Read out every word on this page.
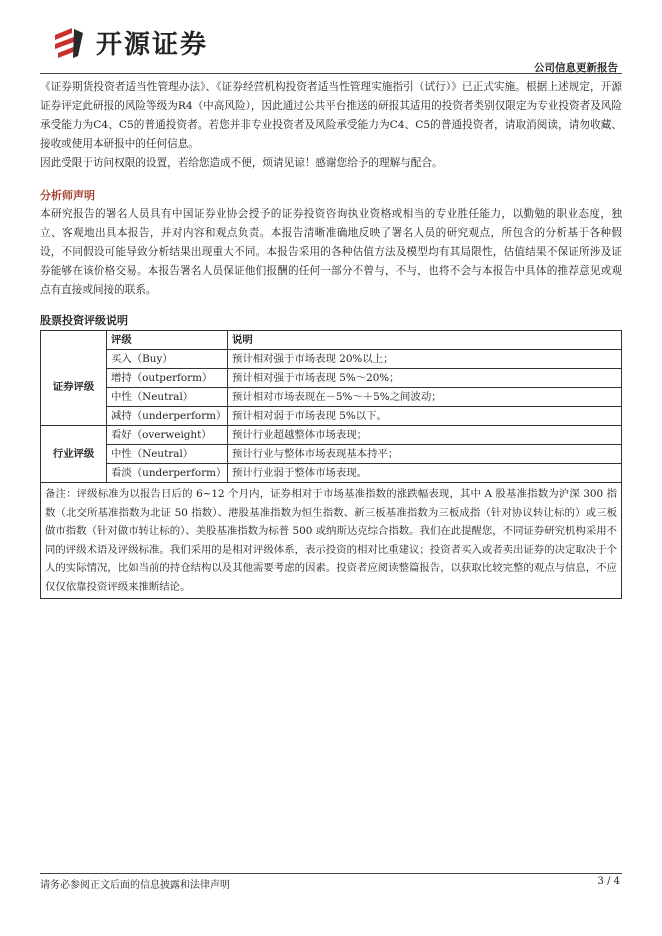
开源证券
公司信息更新报告

《证券期货投资者适当性管理办法》、《证券经营机构投资者适当性管理实施指引（试行）》已正式实施。根据上述规定，开源证券评定此研报的风险等级为R4（中高风险），因此通过公共平台推送的研报其适用的投资者类别仅限定为专业投资者及风险承受能力为C4、C5的普通投资者。若您并非专业投资者及风险承受能力为C4、C5的普通投资者，请取消阅读，请勿收藏、接收或使用本研报中的任何信息。

因此受限于访问权限的设置，若给您造成不便，烦请见谅！感谢您给予的理解与配合。

分析师声明

本研究报告的署名人员具有中国证券业协会授予的证券投资咨询执业资格或相当的专业胜任能力，以勤勉的职业态度，独立、客观地出具本报告，并对内容和观点负责。本报告清晰准确地反映了署名人员的研究观点，所包含的分析基于各种假设，不同假设可能导致分析结果出现重大不同。本报告采用的各种估值方法及模型均有其局限性，估值结果不保证所涉及证券能够在该价格交易。本报告署名人员保证他们报酬的任何一部分不曾与，不与，也将不会与本报告中具体的推荐意见或观点有直接或间接的联系。

股票投资评级说明

	评级	说明
证券评级	买入（Buy）	预计相对强于市场表现 20%以上；
	增持（outperform）	预计相对强于市场表现 5%～20%；
	中性（Neutral）	预计相对市场表现在－5%～＋5%之间波动；
	减持（underperform）	预计相对弱于市场表现 5%以下。
行业评级	看好（overweight）	预计行业超越整体市场表现；
	中性（Neutral）	预计行业与整体市场表现基本持平；
	看淡（underperform）	预计行业弱于整体市场表现。
备注：评级标准为以报告日后的 6~12 个月内，证券相对于市场基准指数的涨跌幅表现，其中 A 股基准指数为沪深 300 指数（北交所基准指数为北证 50 指数）、港股基准指数为恒生指数、新三板基准指数为三板成指（针对协议转让标的）或三板做市指数（针对做市转让标的）、美股基准指数为标普 500 或纳斯达克综合指数。我们在此提醒您，不同证券研究机构采用不同的评级术语及评级标准。我们采用的是相对评级体系，表示投资的相对比重建议；投资者买入或者卖出证券的决定取决于个人的实际情况，比如当前的持仓结构以及其他需要考虑的因素。投资者应阅读整篇报告，以获取比较完整的观点与信息，不应仅仅依靠投资评级来推断结论。		
请务必参阅正文后面的信息披露和法律声明	3 / 4
